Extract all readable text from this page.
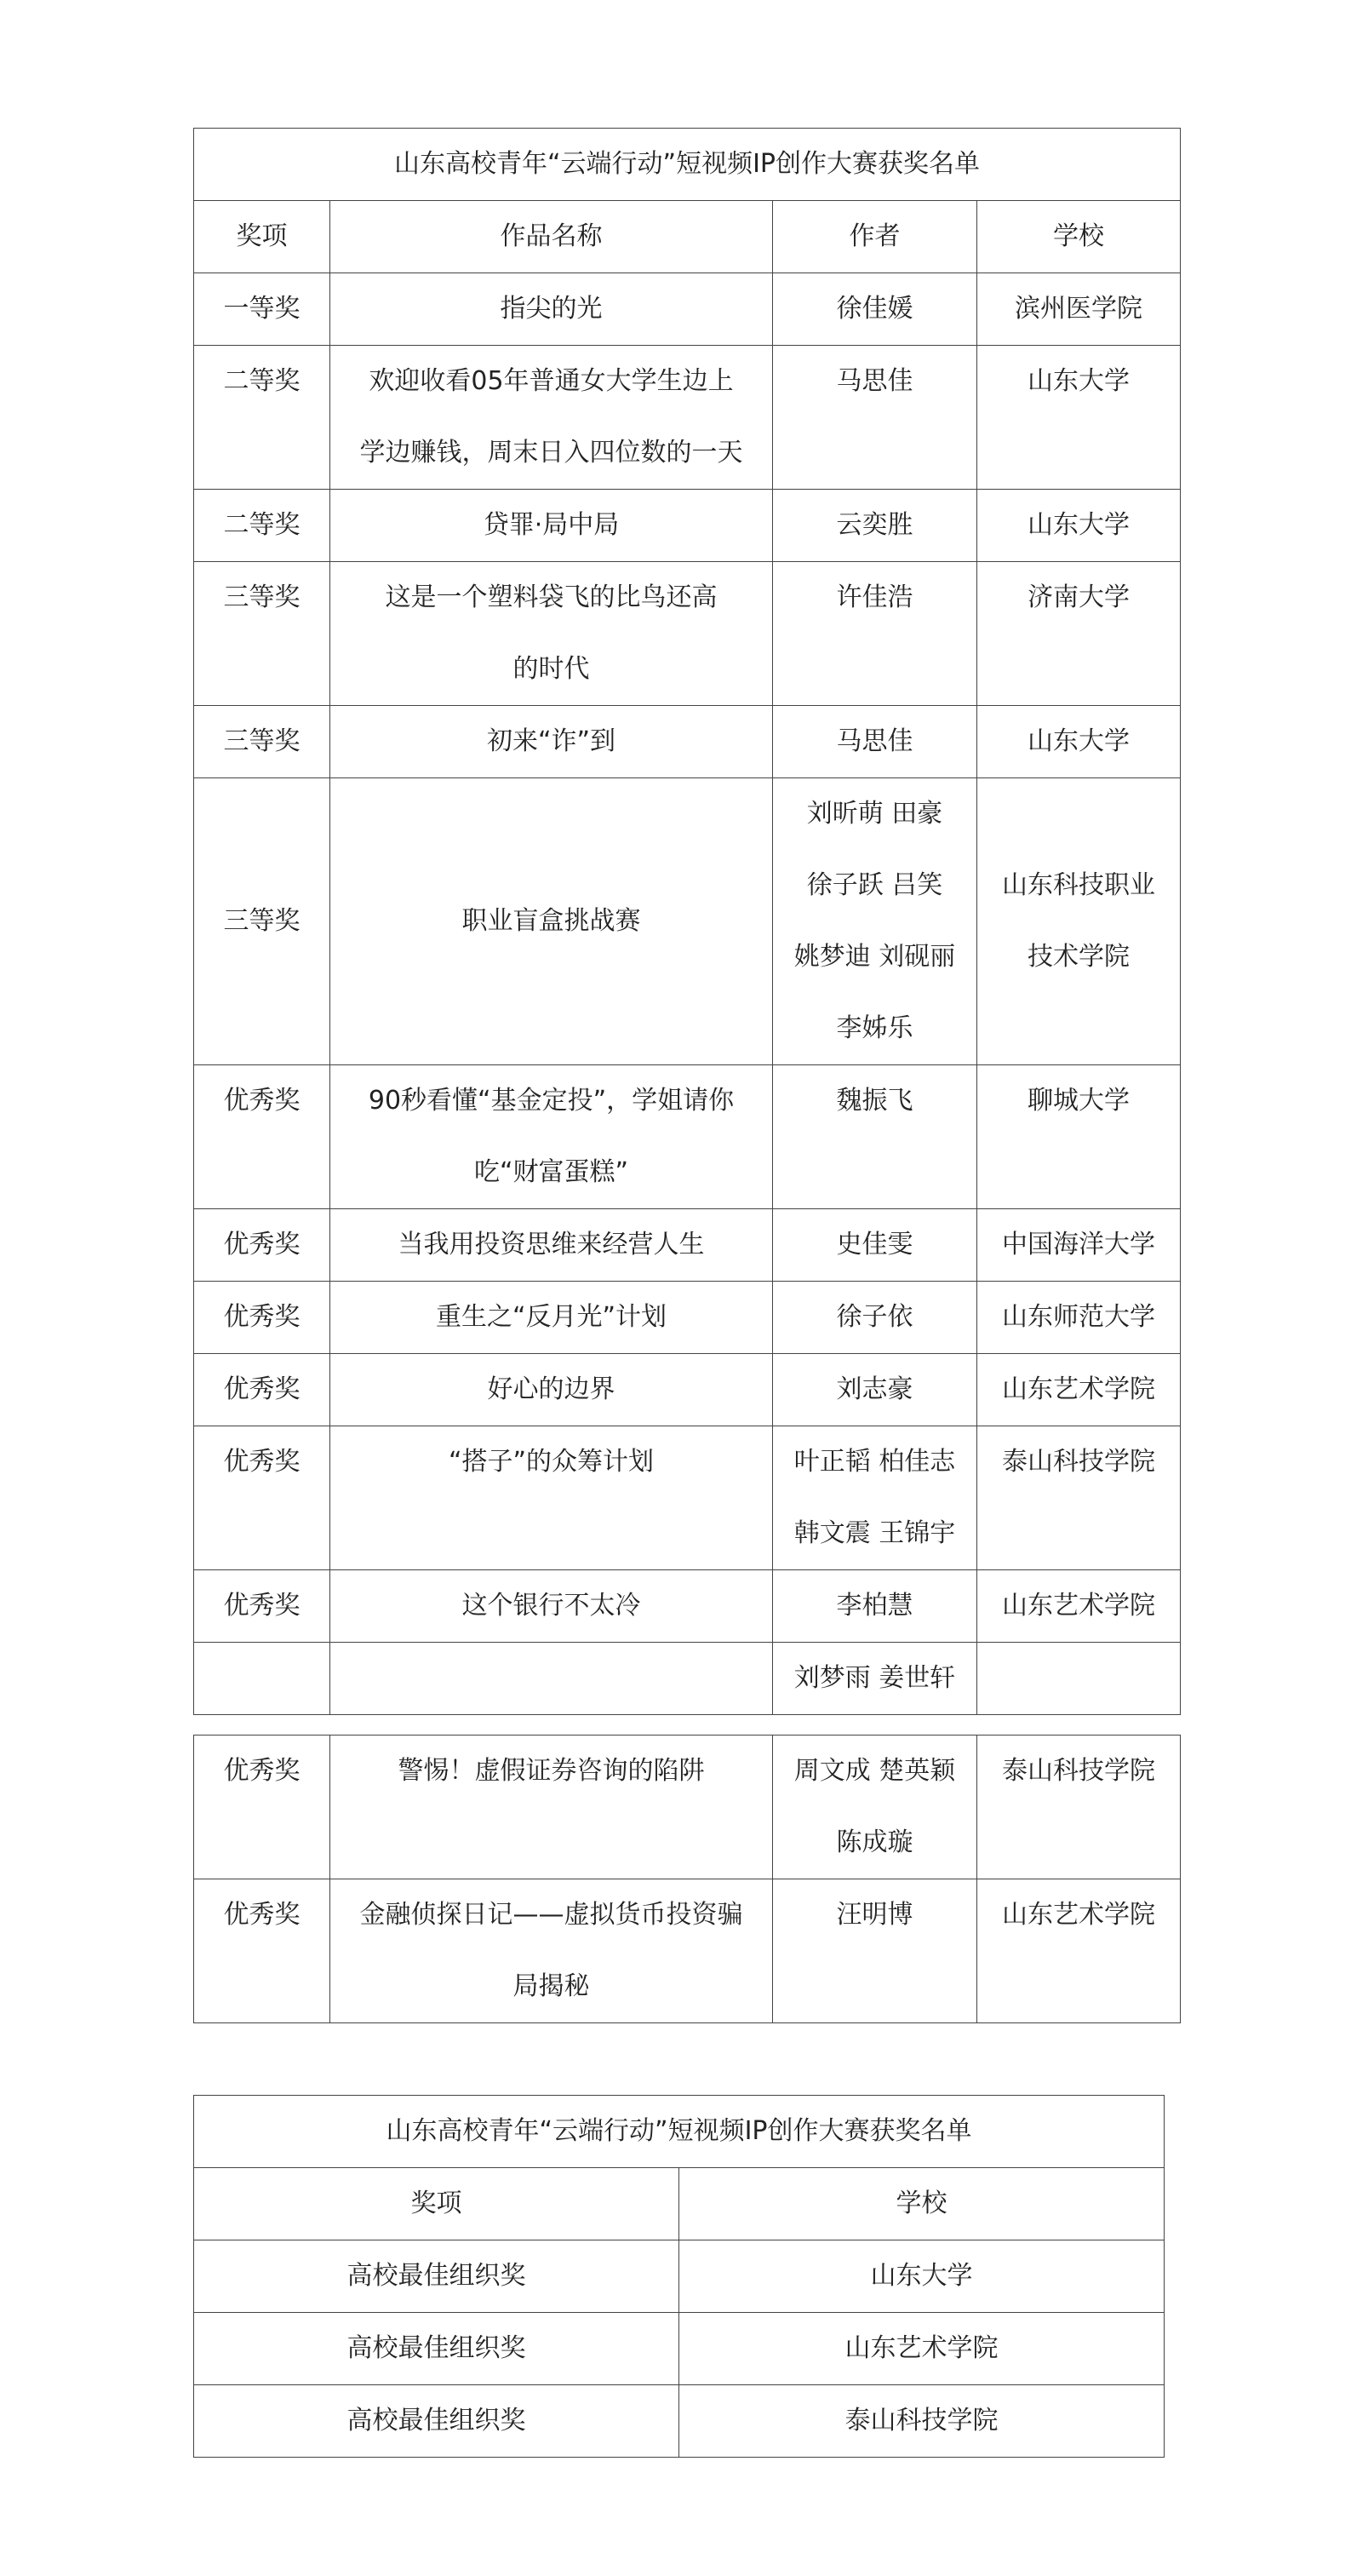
山东高校青年“云端行动”短视频IP创作大赛获奖名单			
奖项	作品名称	作者	学校
一等奖	指尖的光	徐佳媛	滨州医学院

二等奖	欢迎收看05年普通女大学生边上
学边赚钱，周末日入四位数的一天	马思佳	山东大学

二等奖	贷罪·局中局	云奕胜	山东大学

三等奖	这是一个塑料袋飞的比鸟还高
的时代	许佳浩	济南大学

三等奖	初来“诈”到	马思佳	山东大学

三等奖	职业盲盒挑战赛	刘昕萌 田豪
徐子跃 吕笑
姚梦迪 刘砚丽
李姊乐	山东科技职业
技术学院

优秀奖	90秒看懂“基金定投”，学姐请你
吃“财富蛋糕”	魏振飞	聊城大学

优秀奖	当我用投资思维来经营人生	史佳雯	中国海洋大学

优秀奖	重生之“反月光”计划	徐子依	山东师范大学

优秀奖	好心的边界	刘志豪	山东艺术学院

优秀奖	“搭子”的众筹计划	叶正韬 柏佳志
韩文震 王锦宇	泰山科技学院

优秀奖	这个银行不太冷	李柏慧	山东艺术学院

		刘梦雨 姜世轩	

优秀奖	警惕！虚假证券咨询的陷阱	周文成 楚英颖
陈成璇	泰山科技学院

优秀奖	金融侦探日记——虚拟货币投资骗
局揭秘	汪明博	山东艺术学院
山东高校青年“云端行动”短视频IP创作大赛获奖名单	
奖项	学校
高校最佳组织奖	山东大学
高校最佳组织奖	山东艺术学院
高校最佳组织奖	泰山科技学院
